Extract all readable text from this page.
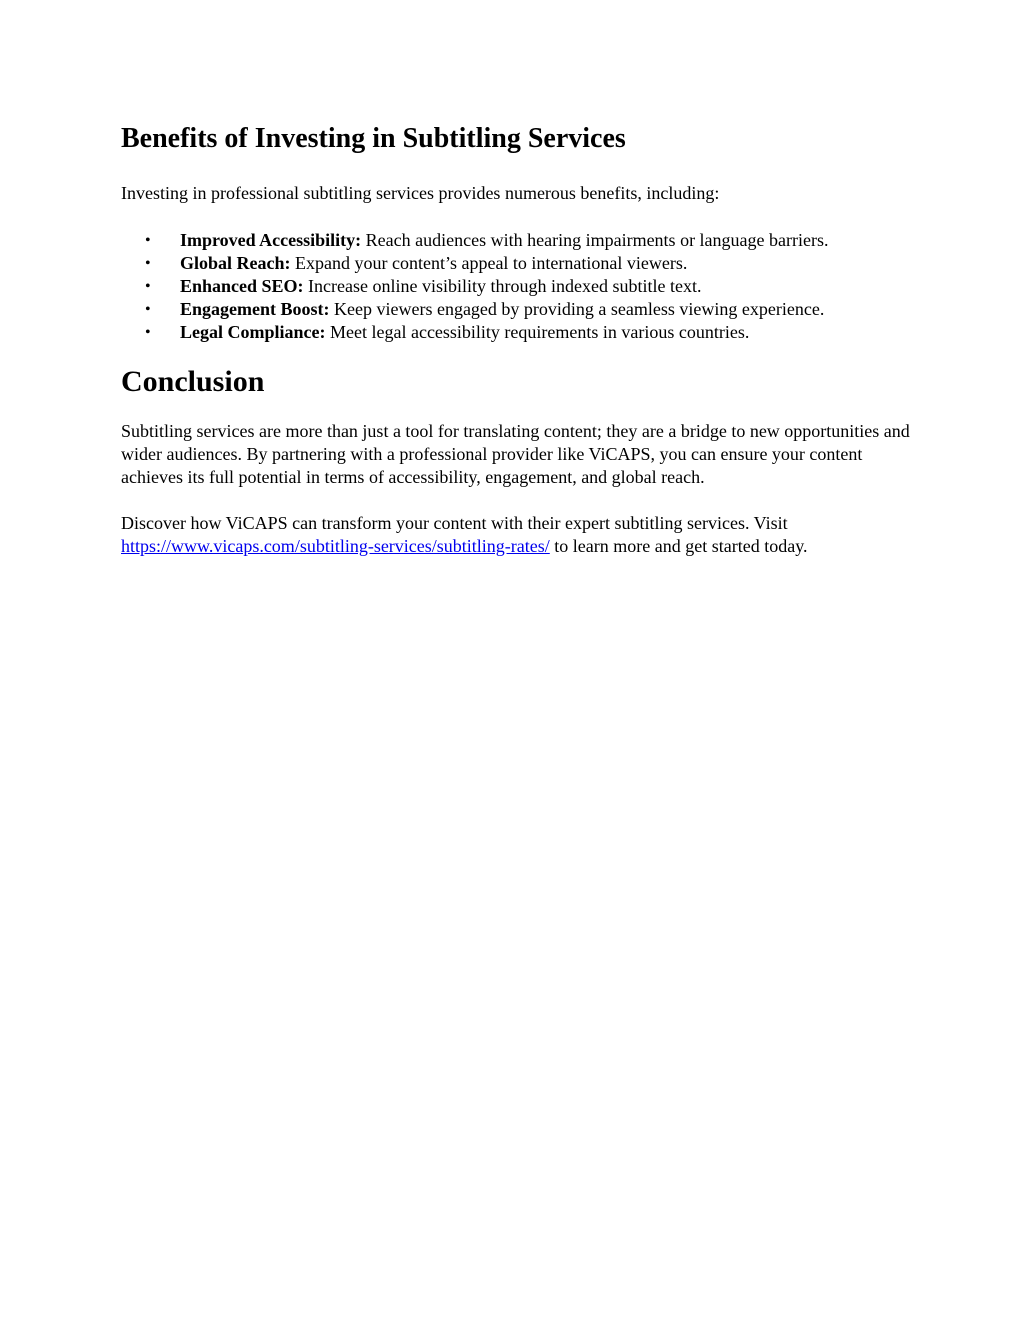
Benefits of Investing in Subtitling Services

Investing in professional subtitling services provides numerous benefits, including:

• Improved Accessibility: Reach audiences with hearing impairments or language barriers.
• Global Reach: Expand your content’s appeal to international viewers.
• Enhanced SEO: Increase online visibility through indexed subtitle text.
• Engagement Boost: Keep viewers engaged by providing a seamless viewing experience.
• Legal Compliance: Meet legal accessibility requirements in various countries.
Conclusion

Subtitling services are more than just a tool for translating content; they are a bridge to new opportunities and wider audiences. By partnering with a professional provider like ViCAPS, you can ensure your content achieves its full potential in terms of accessibility, engagement, and global reach.

Discover how ViCAPS can transform your content with their expert subtitling services. Visit https://www.vicaps.com/subtitling-services/subtitling-rates/ to learn more and get started today.
